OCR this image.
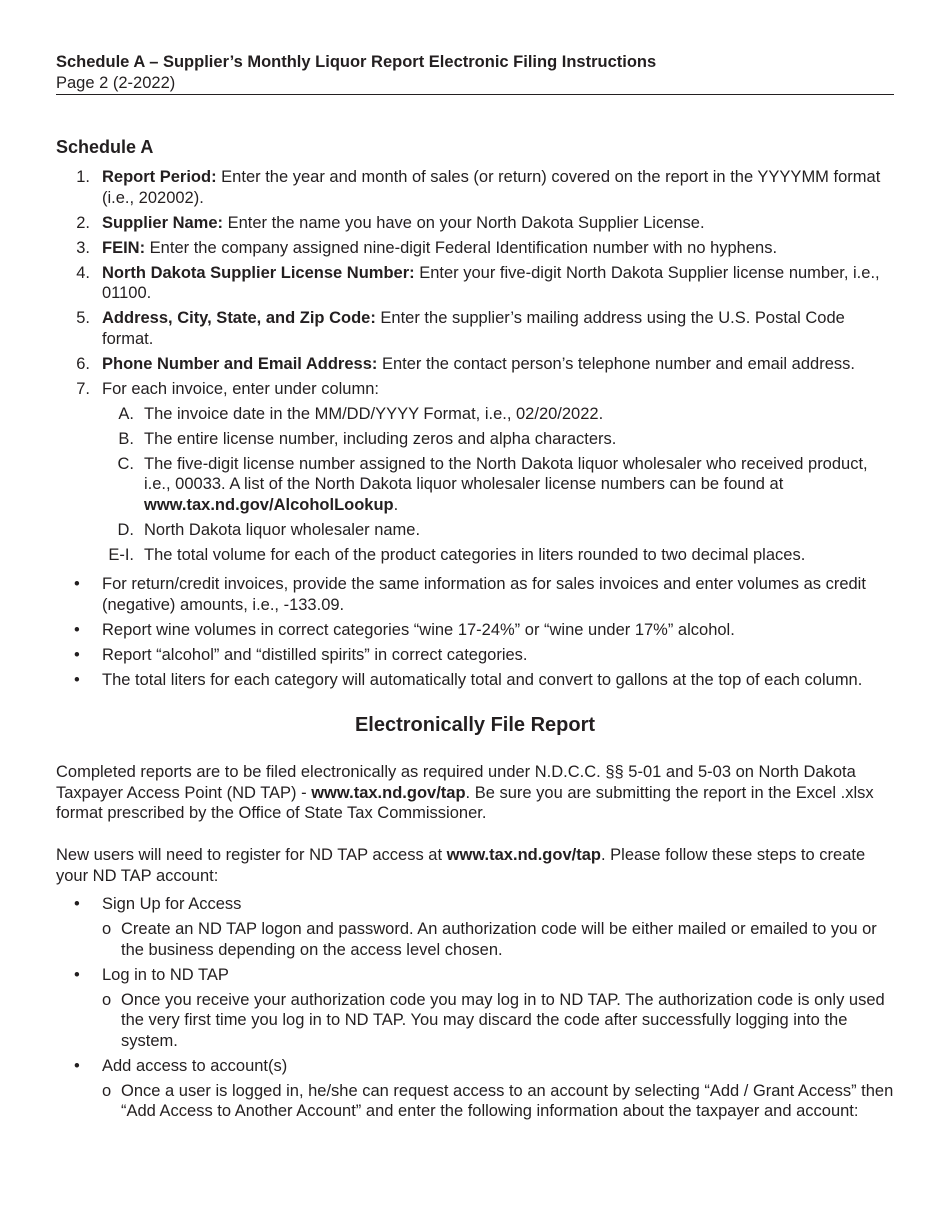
Schedule A – Supplier’s Monthly Liquor Report Electronic Filing Instructions
Page 2 (2-2022)
Schedule A
1. Report Period: Enter the year and month of sales (or return) covered on the report in the YYYYMM format (i.e., 202002).
2. Supplier Name: Enter the name you have on your North Dakota Supplier License.
3. FEIN: Enter the company assigned nine-digit Federal Identification number with no hyphens.
4. North Dakota Supplier License Number: Enter your five-digit North Dakota Supplier license number, i.e., 01100.
5. Address, City, State, and Zip Code: Enter the supplier’s mailing address using the U.S. Postal Code format.
6. Phone Number and Email Address: Enter the contact person’s telephone number and email address.
7. For each invoice, enter under column:
A. The invoice date in the MM/DD/YYYY Format, i.e., 02/20/2022.
B. The entire license number, including zeros and alpha characters.
C. The five-digit license number assigned to the North Dakota liquor wholesaler who received product, i.e., 00033. A list of the North Dakota liquor wholesaler license numbers can be found at www.tax.nd.gov/AlcoholLookup.
D. North Dakota liquor wholesaler name.
E-I. The total volume for each of the product categories in liters rounded to two decimal places.
• For return/credit invoices, provide the same information as for sales invoices and enter volumes as credit (negative) amounts, i.e., -133.09.
• Report wine volumes in correct categories “wine 17-24%” or “wine under 17%” alcohol.
• Report “alcohol” and “distilled spirits” in correct categories.
• The total liters for each category will automatically total and convert to gallons at the top of each column.
Electronically File Report
Completed reports are to be filed electronically as required under N.D.C.C. §§ 5-01 and 5-03 on North Dakota Taxpayer Access Point (ND TAP) - www.tax.nd.gov/tap. Be sure you are submitting the report in the Excel .xlsx format prescribed by the Office of State Tax Commissioner.
New users will need to register for ND TAP access at www.tax.nd.gov/tap. Please follow these steps to create your ND TAP account:
• Sign Up for Access
o Create an ND TAP logon and password. An authorization code will be either mailed or emailed to you or the business depending on the access level chosen.
• Log in to ND TAP
o Once you receive your authorization code you may log in to ND TAP. The authorization code is only used the very first time you log in to ND TAP. You may discard the code after successfully logging into the system.
• Add access to account(s)
o Once a user is logged in, he/she can request access to an account by selecting “Add / Grant Access” then “Add Access to Another Account” and enter the following information about the taxpayer and account:
